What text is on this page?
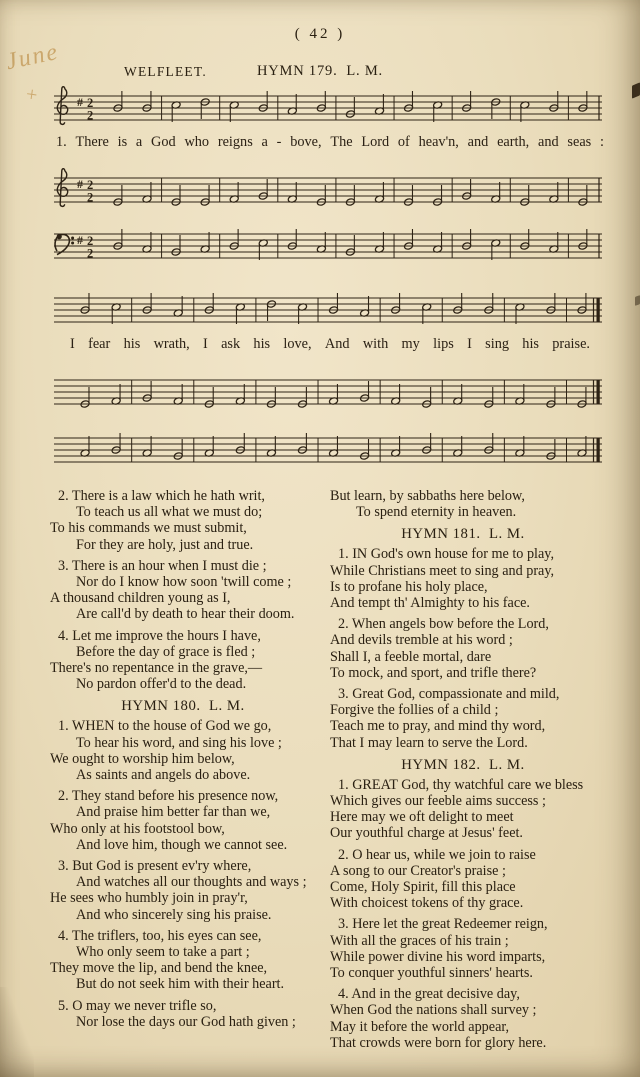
( 42 )
June
+
WELFLEET.	HYMN 179.  L. M.
# 2
2
1. There is a God who reigns a - bove, The Lord of heav'n, and earth, and seas :
# 2
2
# 2
2
I fear his wrath, I ask his love, And with my lips I sing his praise.
2. There is a law which he hath writ,
To teach us all what we must do;
To his commands we must submit,
For they are holy, just and true.
3. There is an hour when I must die ;
Nor do I know how soon 'twill come ;
A thousand children young as I,
Are call'd by death to hear their doom.
4. Let me improve the hours I have,
Before the day of grace is fled ;
There's no repentance in the grave,—
No pardon offer'd to the dead.
HYMN 180.  L. M.
1. WHEN to the house of God we go,
To hear his word, and sing his love ;
We ought to worship him below,
As saints and angels do above.
2. They stand before his presence now,
And praise him better far than we,
Who only at his footstool bow,
And love him, though we cannot see.
3. But God is present ev'ry where,
And watches all our thoughts and ways ;
He sees who humbly join in pray'r,
And who sincerely sing his praise.
4. The triflers, too, his eyes can see,
Who only seem to take a part ;
They move the lip, and bend the knee,
But do not seek him with their heart.
5. O may we never trifle so,
Nor lose the days our God hath given ;
But learn, by sabbaths here below,
To spend eternity in heaven.
HYMN 181.  L. M.
1. IN God's own house for me to play,
While Christians meet to sing and pray,
Is to profane his holy place,
And tempt th' Almighty to his face.
2. When angels bow before the Lord,
And devils tremble at his word ;
Shall I, a feeble mortal, dare
To mock, and sport, and trifle there?
3. Great God, compassionate and mild,
Forgive the follies of a child ;
Teach me to pray, and mind thy word,
That I may learn to serve the Lord.
HYMN 182.  L. M.
1. GREAT God, thy watchful care we bless
Which gives our feeble aims success ;
Here may we oft delight to meet
Our youthful charge at Jesus' feet.
2. O hear us, while we join to raise
A song to our Creator's praise ;
Come, Holy Spirit, fill this place
With choicest tokens of thy grace.
3. Here let the great Redeemer reign,
With all the graces of his train ;
While power divine his word imparts,
To conquer youthful sinners' hearts.
4. And in the great decisive day,
When God the nations shall survey ;
May it before the world appear,
That crowds were born for glory here.
